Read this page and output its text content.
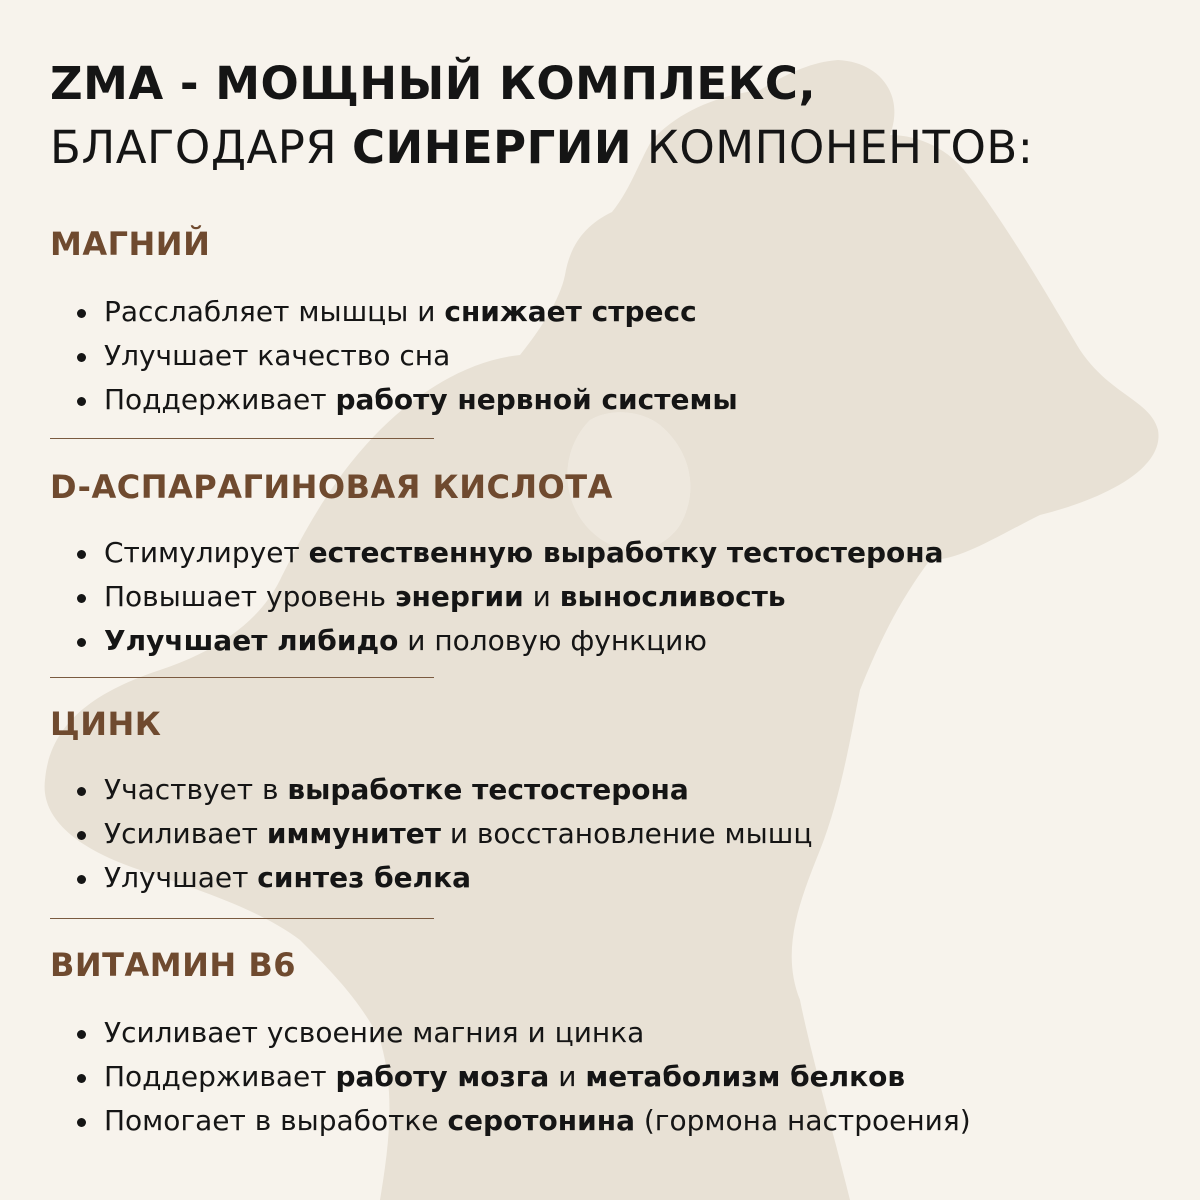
ZMA - МОЩНЫЙ КОМПЛЕКС,
БЛАГОДАРЯ СИНЕРГИИ КОМПОНЕНТОВ:
МАГНИЙ
Расслабляет мышцы и снижает стресс
Улучшает качество сна
Поддерживает работу нервной системы
D-АСПАРАГИНОВАЯ КИСЛОТА
Стимулирует естественную выработку тестостерона
Повышает уровень энергии и выносливость
Улучшает либидо и половую функцию
ЦИНК
Участвует в выработке тестостерона
Усиливает иммунитет и восстановление мышц
Улучшает синтез белка
ВИТАМИН B6
Усиливает усвоение магния и цинка
Поддерживает работу мозга и метаболизм белков
Помогает в выработке серотонина (гормона настроения)
